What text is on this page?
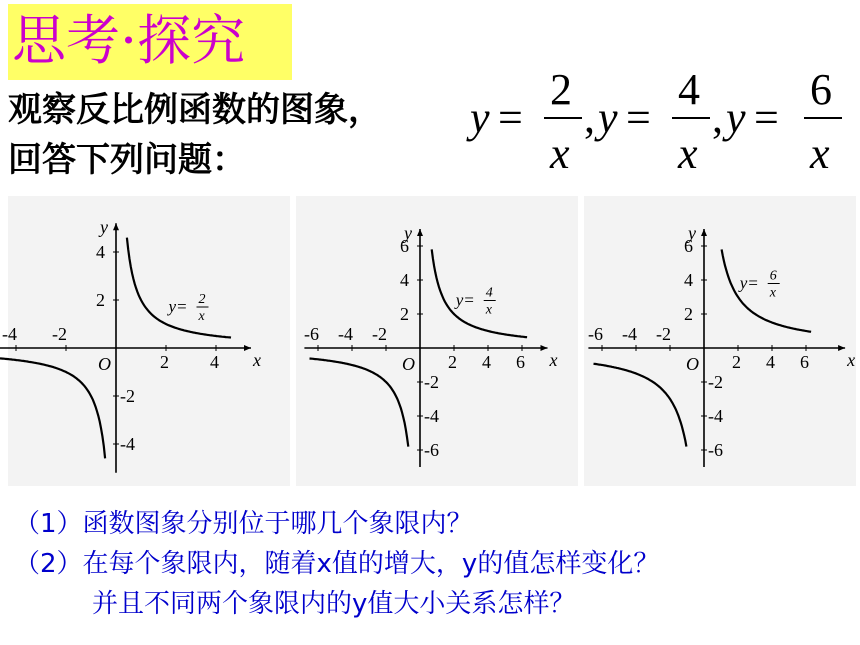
思考·探究
观察反比例函数的图象，
回答下列问题：
y =
2
x
, y =
4
x
, y =
6
x
x
y
O
-4 -2
2 4
4
2
-2
-4
y= 2
x
x
y
O
-6 -4 -2
2 4 6
6
4
2
-2
-4
-6
y= 4
x
x
y
O
-6 -4 -2
2 4 6
6
4
2
-2
-4
-6
y= 6
x
（1）函数图象分别位于哪几个象限内？
（2）在每个象限内，随着x值的增大，y的值怎样变化？
并且不同两个象限内的y值大小关系怎样？
